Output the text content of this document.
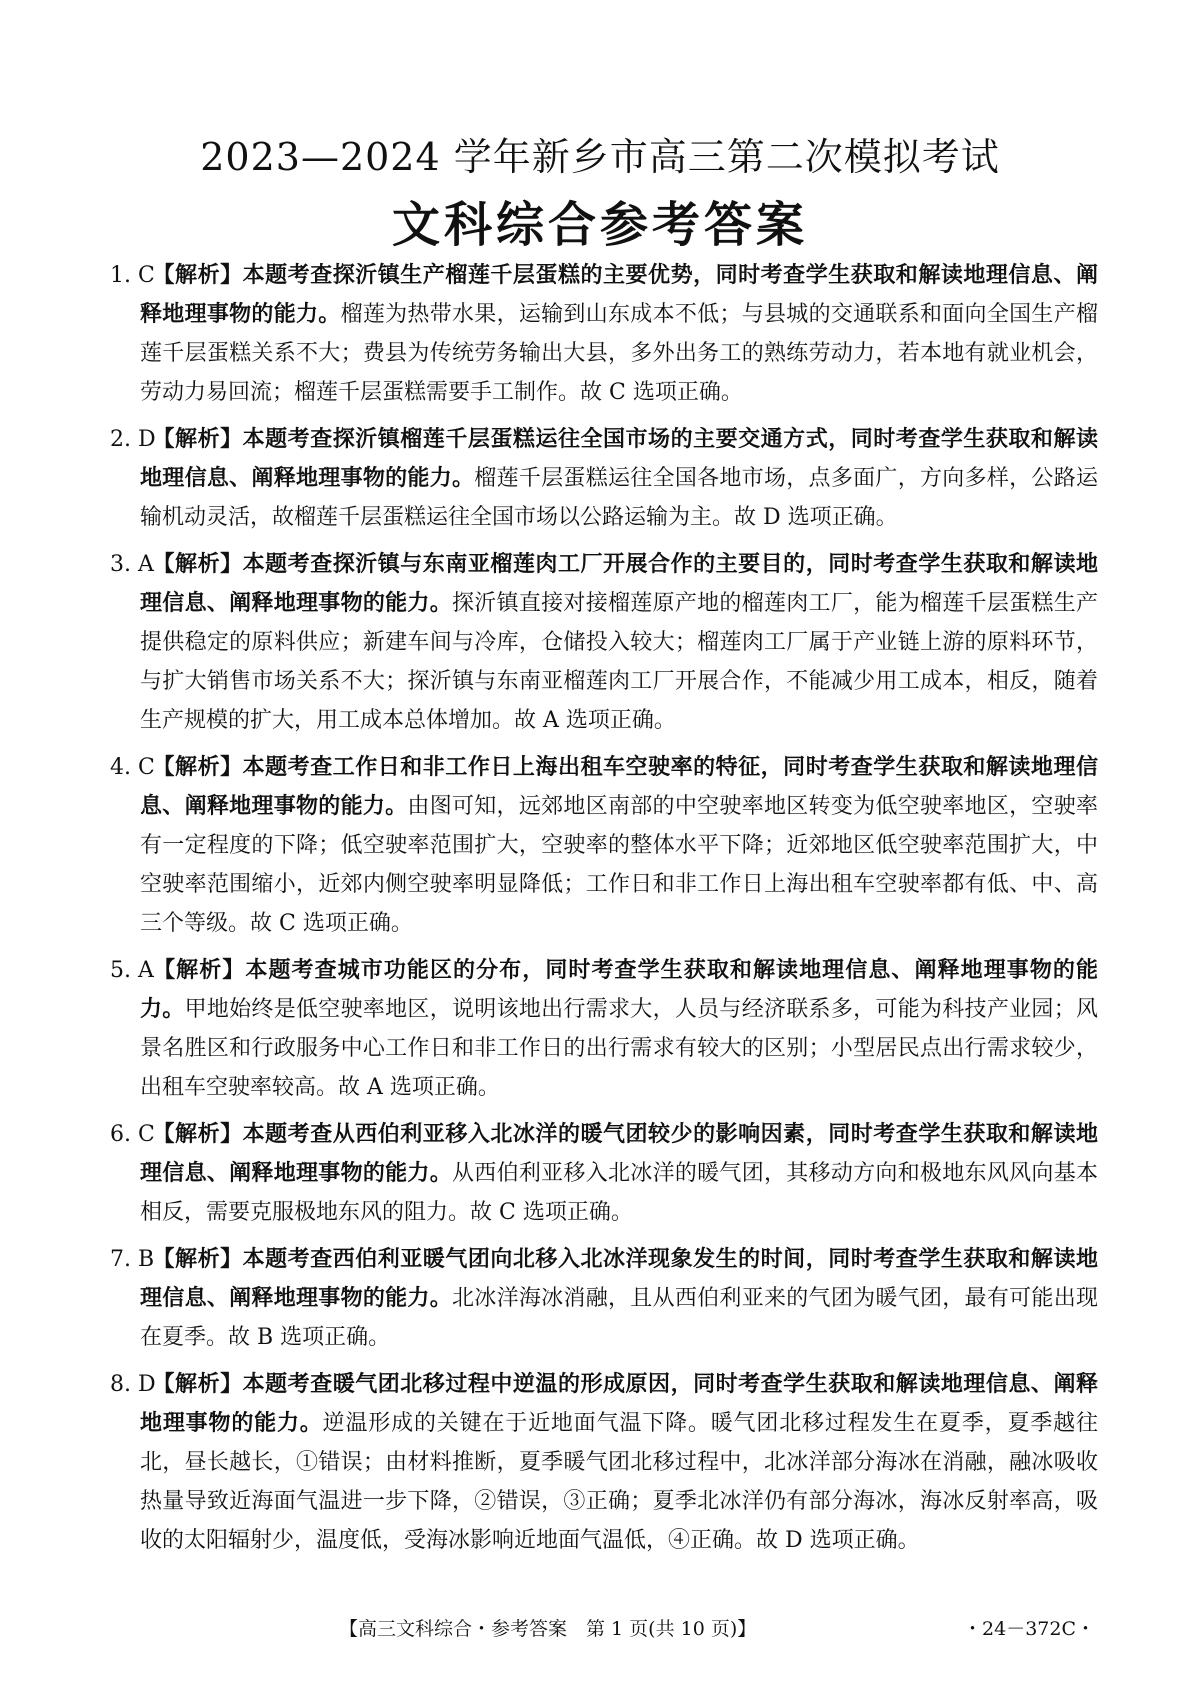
2023—2024 学年新乡市高三第二次模拟考试
文科综合参考答案
1. C
【解析】本题考查探沂镇生产榴莲千层蛋糕的主要优势，同时考查学生获取和解读地理信息、阐释地理事物的能力。榴莲为热带水果，运输到山东成本不低；与县城的交通联系和面向全国生产榴莲千层蛋糕关系不大；费县为传统劳务输出大县，多外出务工的熟练劳动力，若本地有就业机会，劳动力易回流；榴莲千层蛋糕需要手工制作。故 C 选项正确。
2. D
【解析】本题考查探沂镇榴莲千层蛋糕运往全国市场的主要交通方式，同时考查学生获取和解读地理信息、阐释地理事物的能力。榴莲千层蛋糕运往全国各地市场，点多面广，方向多样，公路运输机动灵活，故榴莲千层蛋糕运往全国市场以公路运输为主。故 D 选项正确。
3. A
【解析】本题考查探沂镇与东南亚榴莲肉工厂开展合作的主要目的，同时考查学生获取和解读地理信息、阐释地理事物的能力。探沂镇直接对接榴莲原产地的榴莲肉工厂，能为榴莲千层蛋糕生产提供稳定的原料供应；新建车间与冷库，仓储投入较大；榴莲肉工厂属于产业链上游的原料环节，与扩大销售市场关系不大；探沂镇与东南亚榴莲肉工厂开展合作，不能减少用工成本，相反，随着生产规模的扩大，用工成本总体增加。故 A 选项正确。
4. C
【解析】本题考查工作日和非工作日上海出租车空驶率的特征，同时考查学生获取和解读地理信息、阐释地理事物的能力。由图可知，远郊地区南部的中空驶率地区转变为低空驶率地区，空驶率有一定程度的下降；低空驶率范围扩大，空驶率的整体水平下降；近郊地区低空驶率范围扩大，中空驶率范围缩小，近郊内侧空驶率明显降低；工作日和非工作日上海出租车空驶率都有低、中、高三个等级。故 C 选项正确。
5. A
【解析】本题考查城市功能区的分布，同时考查学生获取和解读地理信息、阐释地理事物的能力。甲地始终是低空驶率地区，说明该地出行需求大，人员与经济联系多，可能为科技产业园；风景名胜区和行政服务中心工作日和非工作日的出行需求有较大的区别；小型居民点出行需求较少，出租车空驶率较高。故 A 选项正确。
6. C
【解析】本题考查从西伯利亚移入北冰洋的暖气团较少的影响因素，同时考查学生获取和解读地理信息、阐释地理事物的能力。从西伯利亚移入北冰洋的暖气团，其移动方向和极地东风风向基本相反，需要克服极地东风的阻力。故 C 选项正确。
7. B
【解析】本题考查西伯利亚暖气团向北移入北冰洋现象发生的时间，同时考查学生获取和解读地理信息、阐释地理事物的能力。北冰洋海冰消融，且从西伯利亚来的气团为暖气团，最有可能出现在夏季。故 B 选项正确。
8. D
【解析】本题考查暖气团北移过程中逆温的形成原因，同时考查学生获取和解读地理信息、阐释地理事物的能力。逆温形成的关键在于近地面气温下降。暖气团北移过程发生在夏季，夏季越往北，昼长越长，①错误；由材料推断，夏季暖气团北移过程中，北冰洋部分海冰在消融，融冰吸收热量导致近海面气温进一步下降，②错误，③正确；夏季北冰洋仍有部分海冰，海冰反射率高，吸收的太阳辐射少，温度低，受海冰影响近地面气温低，④正确。故 D 选项正确。
【高三文科综合・参考答案　第 1 页(共 10 页)】	・24－372C・
